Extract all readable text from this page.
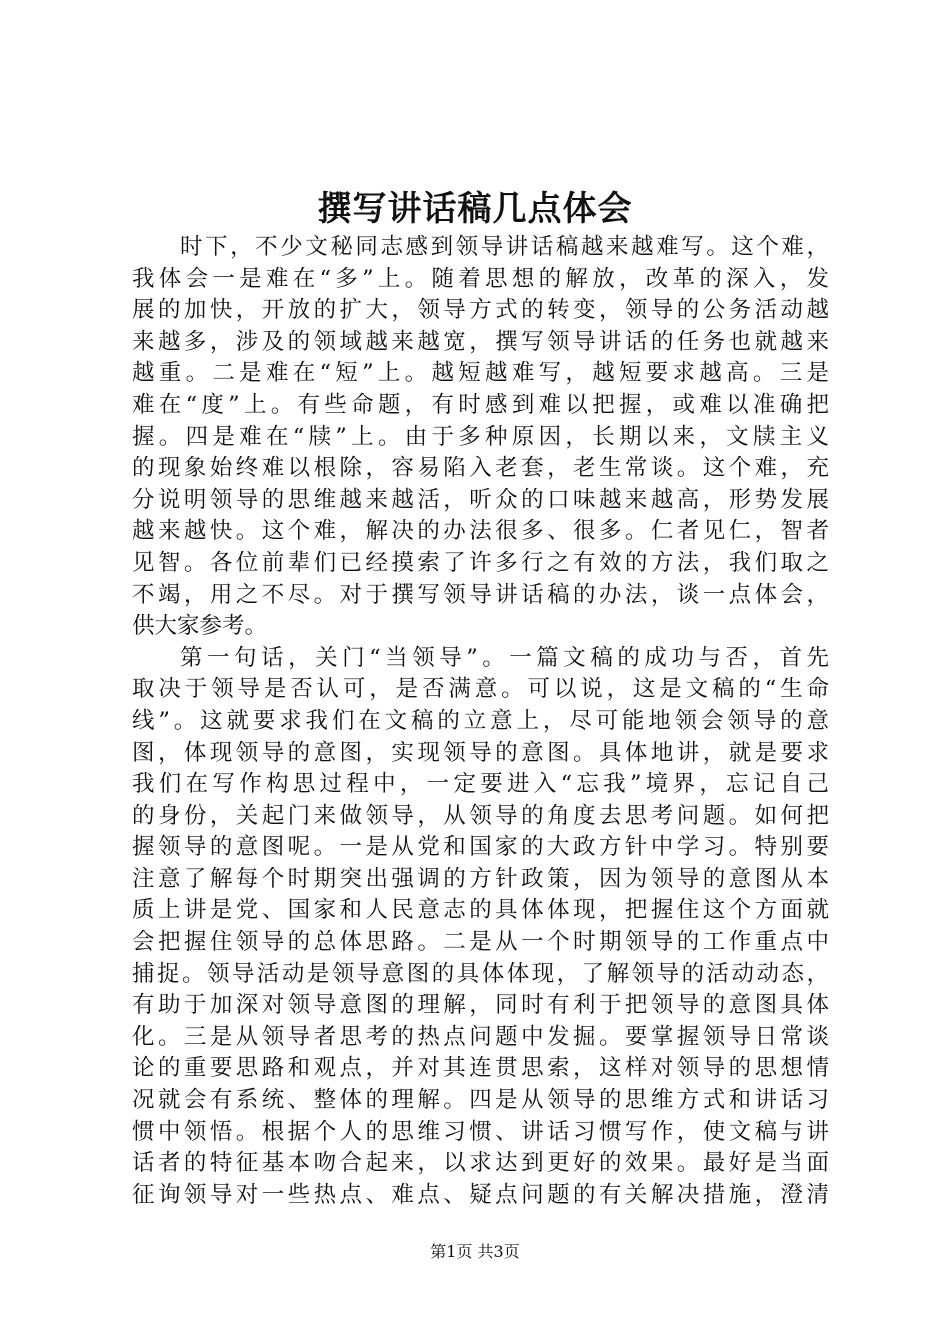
撰写讲话稿几点体会
时下，不少文秘同志感到领导讲话稿越来越难写。这个难，
我体会一是难在“多”上。随着思想的解放，改革的深入，发
展的加快，开放的扩大，领导方式的转变，领导的公务活动越
来越多，涉及的领域越来越宽，撰写领导讲话的任务也就越来
越重。二是难在“短”上。越短越难写，越短要求越高。三是
难在“度”上。有些命题，有时感到难以把握，或难以准确把
握。四是难在“牍”上。由于多种原因，长期以来，文牍主义
的现象始终难以根除，容易陷入老套，老生常谈。这个难，充
分说明领导的思维越来越活，听众的口味越来越高，形势发展
越来越快。这个难，解决的办法很多、很多。仁者见仁，智者
见智。各位前辈们已经摸索了许多行之有效的方法，我们取之
不竭，用之不尽。对于撰写领导讲话稿的办法，谈一点体会，
供大家参考。
第一句话，关门“当领导”。一篇文稿的成功与否，首先
取决于领导是否认可，是否满意。可以说，这是文稿的“生命
线”。这就要求我们在文稿的立意上，尽可能地领会领导的意
图，体现领导的意图，实现领导的意图。具体地讲，就是要求
我们在写作构思过程中，一定要进入“忘我”境界，忘记自己
的身份，关起门来做领导，从领导的角度去思考问题。如何把
握领导的意图呢。一是从党和国家的大政方针中学习。特别要
注意了解每个时期突出强调的方针政策，因为领导的意图从本
质上讲是党、国家和人民意志的具体体现，把握住这个方面就
会把握住领导的总体思路。二是从一个时期领导的工作重点中
捕捉。领导活动是领导意图的具体体现，了解领导的活动动态，
有助于加深对领导意图的理解，同时有利于把领导的意图具体
化。三是从领导者思考的热点问题中发掘。要掌握领导日常谈
论的重要思路和观点，并对其连贯思索，这样对领导的思想情
况就会有系统、整体的理解。四是从领导的思维方式和讲话习
惯中领悟。根据个人的思维习惯、讲话习惯写作，使文稿与讲
话者的特征基本吻合起来，以求达到更好的效果。最好是当面
征询领导对一些热点、难点、疑点问题的有关解决措施，澄清
第1页 共3页
